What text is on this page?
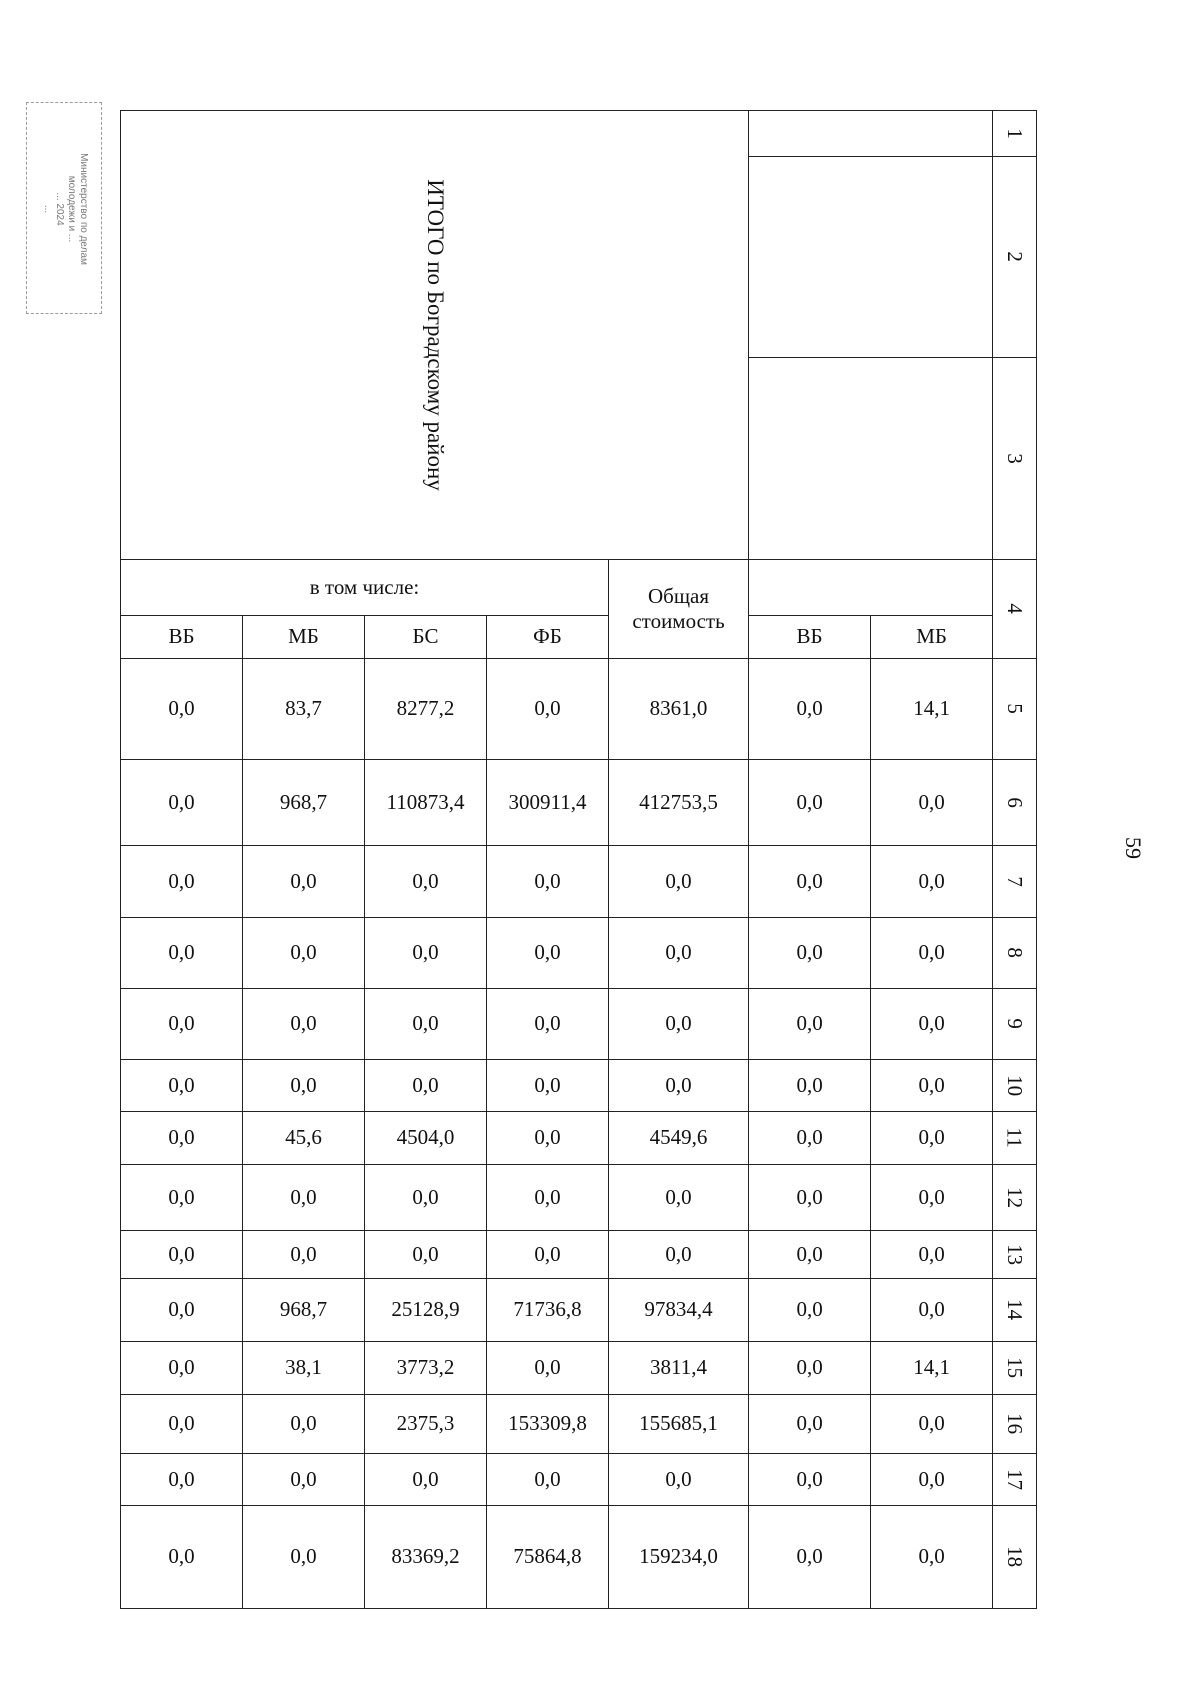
Министерство по делам
молодежи и ...
... 2024
...	ИТОГО по Боградскому району							1
							2
							3
в том числе:				Общая стоимость			4
ВБ	МБ	БС	ФБ		ВБ	МБ	
0,0	83,7	8277,2	0,0	8361,0	0,0	14,1	5
0,0	968,7	110873,4	300911,4	412753,5	0,0	0,0	6
0,0	0,0	0,0	0,0	0,0	0,0	0,0	7
0,0	0,0	0,0	0,0	0,0	0,0	0,0	8
0,0	0,0	0,0	0,0	0,0	0,0	0,0	9
0,0	0,0	0,0	0,0	0,0	0,0	0,0	10
0,0	45,6	4504,0	0,0	4549,6	0,0	0,0	11
0,0	0,0	0,0	0,0	0,0	0,0	0,0	12
0,0	0,0	0,0	0,0	0,0	0,0	0,0	13
0,0	968,7	25128,9	71736,8	97834,4	0,0	0,0	14
0,0	38,1	3773,2	0,0	3811,4	0,0	14,1	15
0,0	0,0	2375,3	153309,8	155685,1	0,0	0,0	16
0,0	0,0	0,0	0,0	0,0	0,0	0,0	17
0,0	0,0	83369,2	75864,8	159234,0	0,0	0,0	18
59
